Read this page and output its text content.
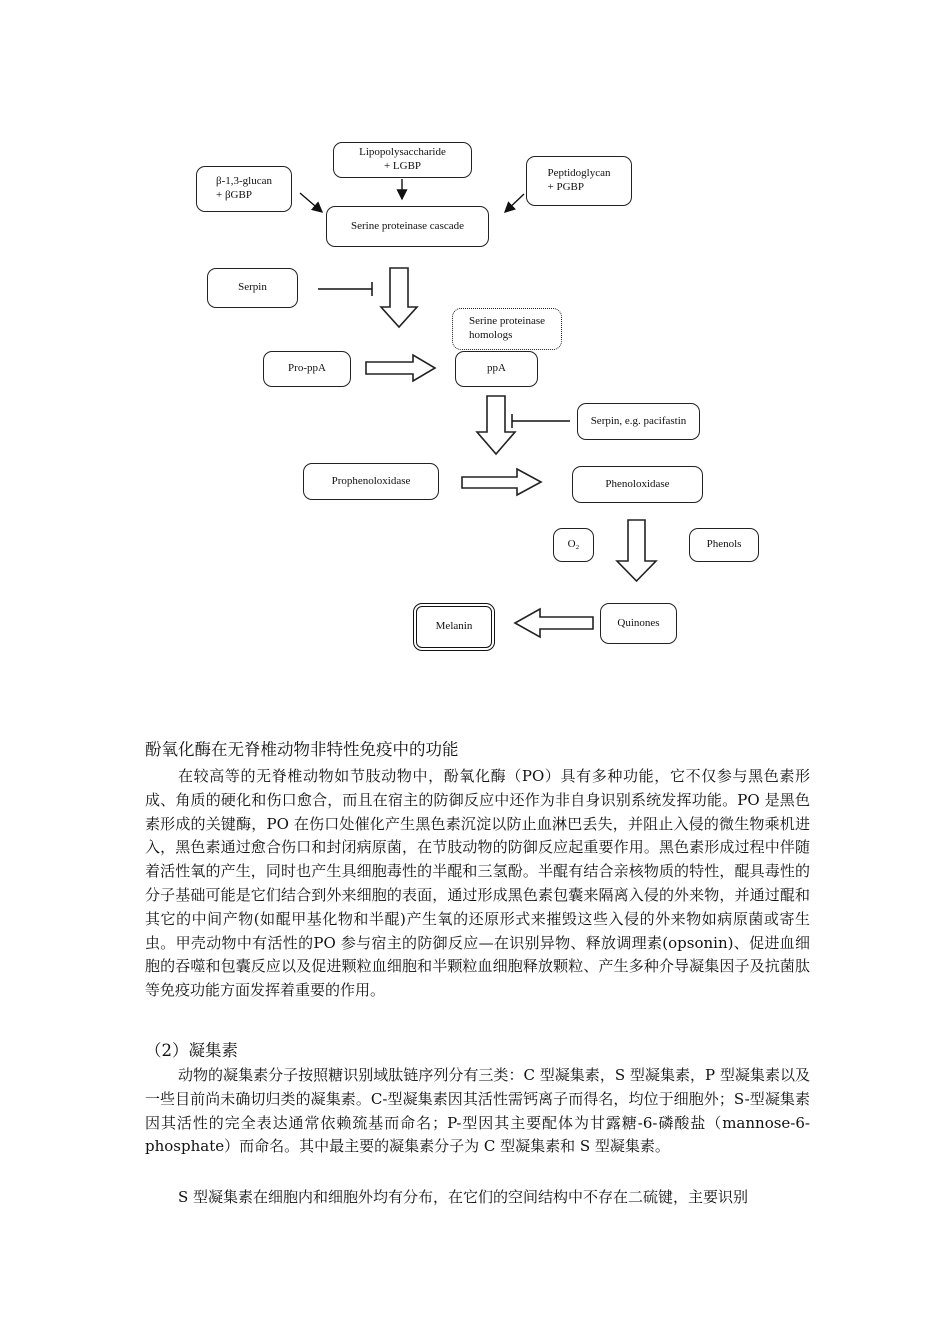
Lipopolysaccharide
+ LGBP
β-1,3-glucan
+ βGBP
Peptidoglycan
+ PGBP
Serine proteinase cascade
Serpin
Serine proteinase
homologs
Pro-ppA	ppA
Serpin, e.g. pacifastin
Prophenoloxidase	Phenoloxidase
O₂	Phenols
Quinones
Melanin
酚氧化酶在无脊椎动物非特性免疫中的功能

在较高等的无脊椎动物如节肢动物中，酚氧化酶（PO）具有多种功能，它不仅参与黑色素形成、角质的硬化和伤口愈合，而且在宿主的防御反应中还作为非自身识别系统发挥功能。PO 是黑色素形成的关键酶，PO 在伤口处催化产生黑色素沉淀以防止血淋巴丢失，并阻止入侵的微生物乘机进入，黑色素通过愈合伤口和封闭病原菌，在节肢动物的防御反应起重要作用。黑色素形成过程中伴随着活性氧的产生，同时也产生具细胞毒性的半醌和三氢酚。半醌有结合亲核物质的特性，醌具毒性的分子基础可能是它们结合到外来细胞的表面，通过形成黑色素包囊来隔离入侵的外来物，并通过醌和其它的中间产物(如醌甲基化物和半醌)产生氧的还原形式来摧毁这些入侵的外来物如病原菌或寄生虫。甲壳动物中有活性的PO 参与宿主的防御反应—在识别异物、释放调理素(opsonin)、促进血细胞的吞噬和包囊反应以及促进颗粒血细胞和半颗粒血细胞释放颗粒、产生多种介导凝集因子及抗菌肽等免疫功能方面发挥着重要的作用。

（2）凝集素

动物的凝集素分子按照糖识别域肽链序列分有三类：C 型凝集素，S 型凝集素，P 型凝集素以及一些目前尚未确切归类的凝集素。C-型凝集素因其活性需钙离子而得名，均位于细胞外；S-型凝集素因其活性的完全表达通常依赖巯基而命名；P-型因其主要配体为甘露糖-6-磷酸盐（mannose-6-phosphate）而命名。其中最主要的凝集素分子为 C 型凝集素和 S 型凝集素。

S 型凝集素在细胞内和细胞外均有分布，在它们的空间结构中不存在二硫键，主要识别
